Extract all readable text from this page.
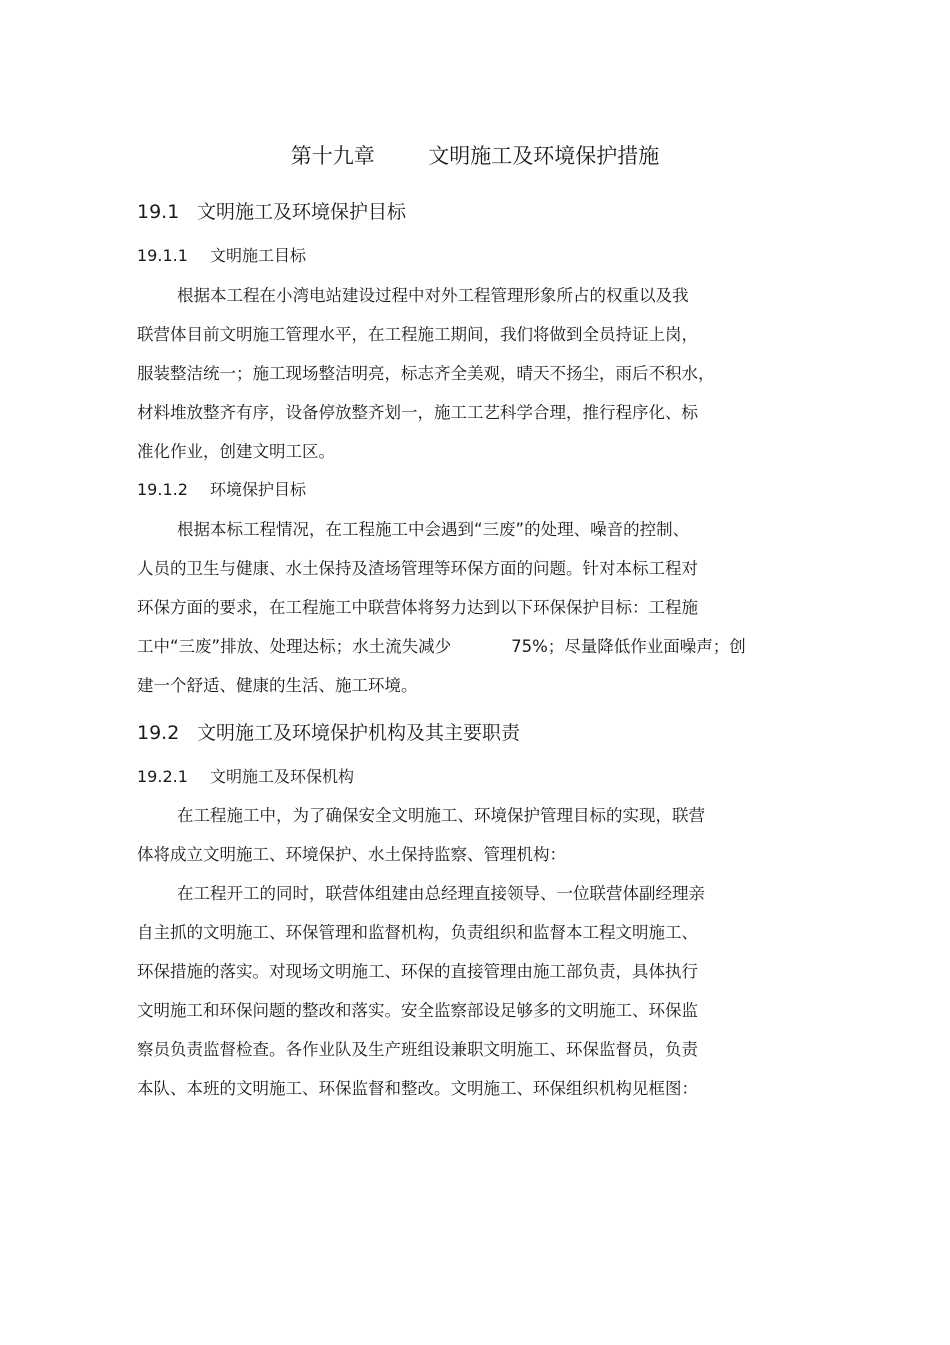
第十九章        文明施工及环境保护措施
19.1 文明施工及环境保护目标
19.1.1 文明施工目标

根据本工程在小湾电站建设过程中对外工程管理形象所占的权重以及我

联营体目前文明施工管理水平，在工程施工期间，我们将做到全员持证上岗，

服装整洁统一；施工现场整洁明亮，标志齐全美观，晴天不扬尘，雨后不积水，

材料堆放整齐有序，设备停放整齐划一，施工工艺科学合理，推行程序化、标

准化作业，创建文明工区。

19.1.2 环境保护目标

根据本标工程情况，在工程施工中会遇到“三废”的处理、噪音的控制、

人员的卫生与健康、水土保持及渣场管理等环保方面的问题。针对本标工程对

环保方面的要求，在工程施工中联营体将努力达到以下环保保护目标：工程施

工中“三废”排放、处理达标；水土流失减少	75%；尽量降低作业面噪声；创

建一个舒适、健康的生活、施工环境。

19.2 文明施工及环境保护机构及其主要职责
19.2.1 文明施工及环保机构

在工程施工中，为了确保安全文明施工、环境保护管理目标的实现，联营

体将成立文明施工、环境保护、水土保持监察、管理机构：

在工程开工的同时，联营体组建由总经理直接领导、一位联营体副经理亲

自主抓的文明施工、环保管理和监督机构，负责组织和监督本工程文明施工、

环保措施的落实。对现场文明施工、环保的直接管理由施工部负责，具体执行

文明施工和环保问题的整改和落实。安全监察部设足够多的文明施工、环保监

察员负责监督检查。各作业队及生产班组设兼职文明施工、环保监督员，负责

本队、本班的文明施工、环保监督和整改。文明施工、环保组织机构见框图：
